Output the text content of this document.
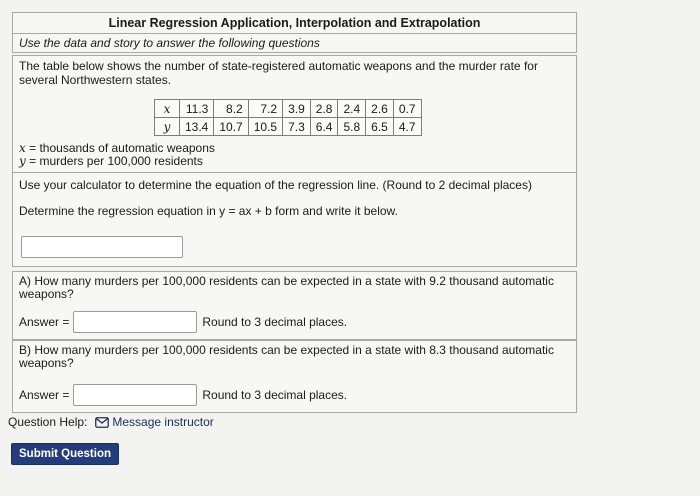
Linear Regression Application, Interpolation and Extrapolation
Use the data and story to answer the following questions

The table below shows the number of state-registered automatic weapons and the murder rate for several Northwestern states.

x	11.3	8.2	7.2	3.9	2.8	2.4	2.6	0.7
y	13.4	10.7	10.5	7.3	6.4	5.8	6.5	4.7
x = thousands of automatic weapons
y = murders per 100,000 residents
Use your calculator to determine the equation of the regression line. (Round to 2 decimal places)
Determine the regression equation in y = ax + b form and write it below.

A) How many murders per 100,000 residents can be expected in a state with 9.2 thousand automatic weapons?

Answer =	Round to 3 decimal places.

B) How many murders per 100,000 residents can be expected in a state with 8.3 thousand automatic weapons?

Answer =	Round to 3 decimal places.
Question Help: Message instructor
Submit Question
